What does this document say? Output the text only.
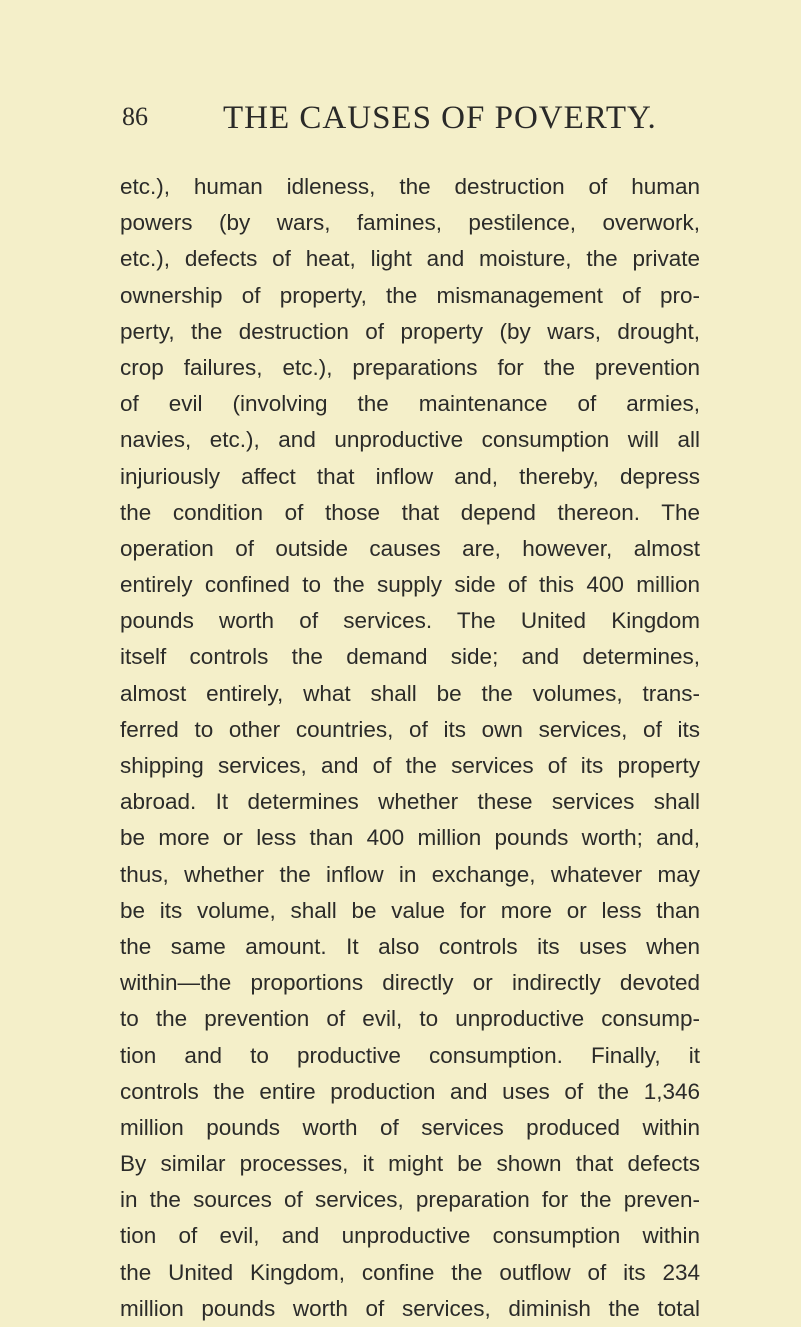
86 THE CAUSES OF POVERTY.
etc.), human idleness, the destruction of human
powers (by wars, famines, pestilence, overwork,
etc.), defects of heat, light and moisture, the private
ownership of property, the mismanagement of pro-
perty, the destruction of property (by wars, drought,
crop failures, etc.), preparations for the prevention
of evil (involving the maintenance of armies,
navies, etc.), and unproductive consumption will all
injuriously affect that inflow and, thereby, depress
the condition of those that depend thereon. The
operation of outside causes are, however, almost
entirely confined to the supply side of this 400 million
pounds worth of services. The United Kingdom
itself controls the demand side; and determines,
almost entirely, what shall be the volumes, trans-
ferred to other countries, of its own services, of its
shipping services, and of the services of its property
abroad. It determines whether these services shall
be more or less than 400 million pounds worth; and,
thus, whether the inflow in exchange, whatever may
be its volume, shall be value for more or less than
the same amount. It also controls its uses when
within—the proportions directly or indirectly devoted
to the prevention of evil, to unproductive consump-
tion and to productive consumption. Finally, it
controls the entire production and uses of the 1,346
million pounds worth of services produced within
By similar processes, it might be shown that defects
in the sources of services, preparation for the preven-
tion of evil, and unproductive consumption within
the United Kingdom, confine the outflow of its 234
million pounds worth of services, diminish the total
